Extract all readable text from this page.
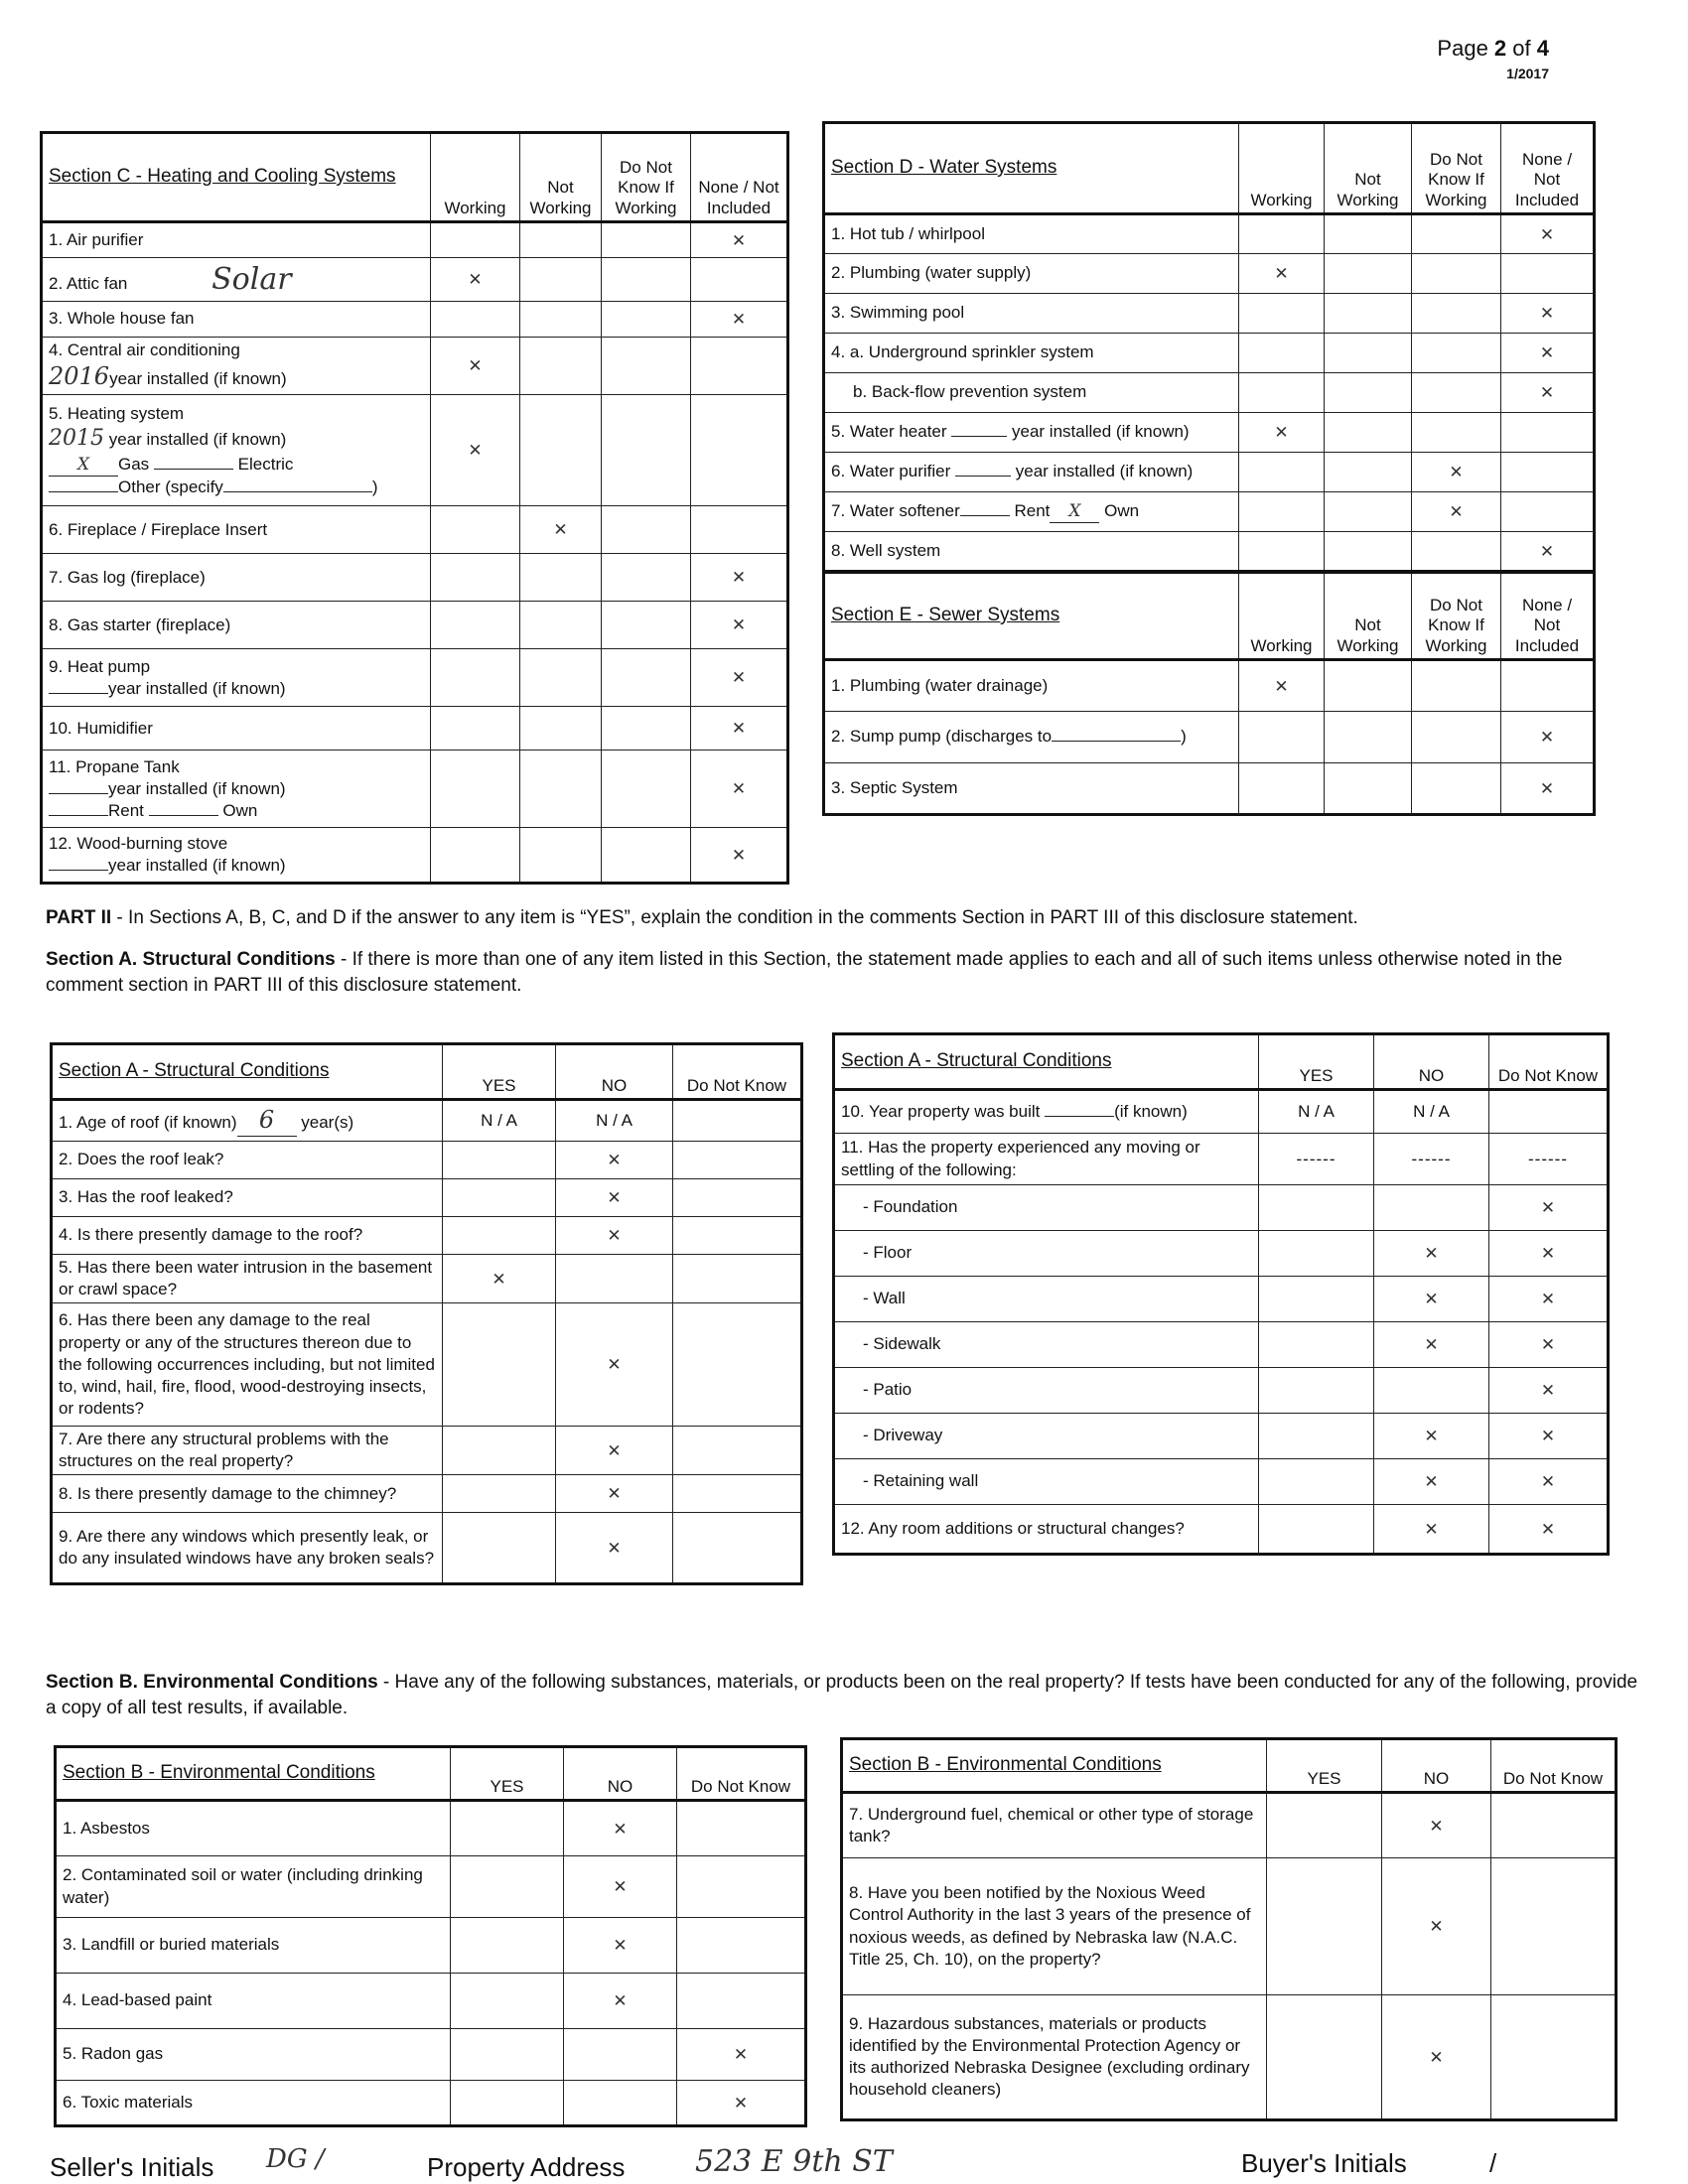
Page 2 of 4
1/2017
Section C - Heating and Cooling Systems	Working	Not Working	Do Not Know If Working	None / Not Included
1. Air purifier				✕
2. Attic fan Solar	✕			
3. Whole house fan				✕
4. Central air conditioning
2016year installed (if known)	✕			
5. Heating system
2015 year installed (if known)
X Gas Electric
Other (specify )	✕			
6. Fireplace / Fireplace Insert		✕		
7. Gas log (fireplace)				✕
8. Gas starter (fireplace)				✕
9. Heat pump
year installed (if known)				✕
10. Humidifier				✕
11. Propane Tank
year installed (if known)
Rent Own				✕
12. Wood-burning stove
year installed (if known)				✕
Section D - Water Systems	Working	Not Working	Do Not Know If Working	None / Not Included
1. Hot tub / whirlpool				✕
2. Plumbing (water supply)	✕			
3. Swimming pool				✕
4. a. Underground sprinkler system				✕

b. Back-flow prevention system				✕
5. Water heater year installed (if known)	✕			
6. Water purifier year installed (if known)			✕	
7. Water softener Rent X Own			✕	
8. Well system				✕
Section E - Sewer Systems	Working	Not Working	Do Not Know If Working	None / Not Included
1. Plumbing (water drainage)	✕			
2. Sump pump (discharges to )				✕
3. Septic System				✕
PART II - In Sections A, B, C, and D if the answer to any item is “YES”, explain the condition in the comments Section in PART III of this disclosure statement.
Section A. Structural Conditions - If there is more than one of any item listed in this Section, the statement made applies to each and all of such items unless otherwise noted in the comment section in PART III of this disclosure statement.
Section A - Structural Conditions	YES	NO	Do Not Know
1. Age of roof (if known) 6 year(s)	N / A	N / A	
2. Does the roof leak?		✕	
3. Has the roof leaked?		✕	
4. Is there presently damage to the roof?		✕	
5. Has there been water intrusion in the basement or crawl space?	✕		
6. Has there been any damage to the real property or any of the structures thereon due to the following occurrences including, but not limited to, wind, hail, fire, flood, wood-destroying insects, or rodents?		✕	
7. Are there any structural problems with the structures on the real property?		✕	
8. Is there presently damage to the chimney?		✕	
9. Are there any windows which presently leak, or do any insulated windows have any broken seals?		✕	
Section A - Structural Conditions	YES	NO	Do Not Know
10. Year property was built (if known)	N / A	N / A	
11. Has the property experienced any moving or settling of the following:	------	------	------

- Foundation			✕

- Floor		✕	✕

- Wall		✕	✕

- Sidewalk		✕	✕

- Patio			✕

- Driveway		✕	✕

- Retaining wall		✕	✕
12. Any room additions or structural changes?		✕	✕
Section B. Environmental Conditions - Have any of the following substances, materials, or products been on the real property? If tests have been conducted for any of the following, provide a copy of all test results, if available.
Section B - Environmental Conditions	YES	NO	Do Not Know
1. Asbestos		✕	
2. Contaminated soil or water (including drinking water)		✕	
3. Landfill or buried materials		✕	
4. Lead-based paint		✕	
5. Radon gas			✕
6. Toxic materials			✕
Section B - Environmental Conditions	YES	NO	Do Not Know
7. Underground fuel, chemical or other type of storage tank?		✕	
8. Have you been notified by the Noxious Weed Control Authority in the last 3 years of the presence of noxious weeds, as defined by Nebraska law (N.A.C. Title 25, Ch. 10), on the property?		✕	
9. Hazardous substances, materials or products identified by the Environmental Protection Agency or its authorized Nebraska Designee (excluding ordinary household cleaners)		✕	
Seller's Initials DG /	Property Address 523 E 9th ST	Buyer's Initials	/
